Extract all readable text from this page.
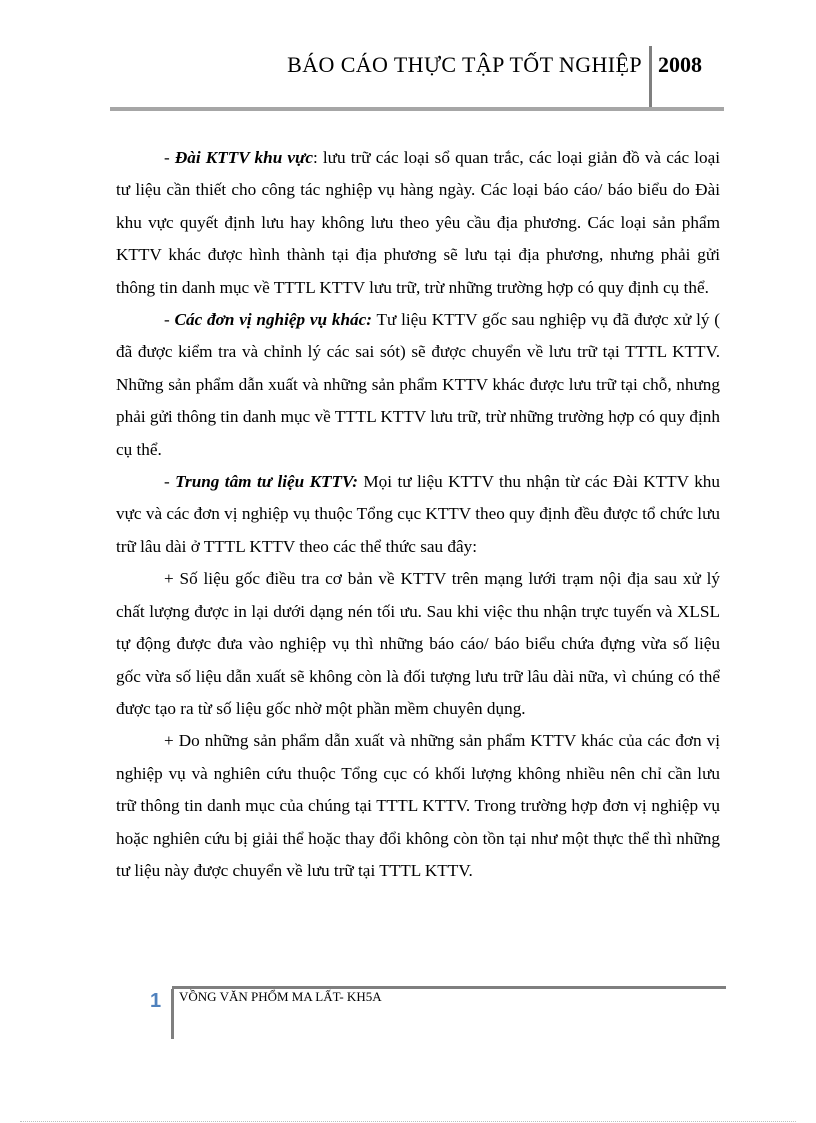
BÁO CÁO THỰC TẬP TỐT NGHIỆP 2008

- Đài KTTV khu vực: lưu trữ các loại sổ quan trắc, các loại giản đồ và các loại tư liệu cần thiết cho công tác nghiệp vụ hàng ngày. Các loại báo cáo/ báo biểu do Đài khu vực quyết định lưu hay không lưu theo yêu cầu địa phương. Các loại sản phẩm KTTV khác được hình thành tại địa phương sẽ lưu tại địa phương, nhưng phải gửi thông tin danh mục về TTTL KTTV lưu trữ, trừ những trường hợp có quy định cụ thể.

- Các đơn vị nghiệp vụ khác: Tư liệu KTTV gốc sau nghiệp vụ đã được xử lý ( đã được kiểm tra và chỉnh lý các sai sót) sẽ được chuyển về lưu trữ tại TTTL KTTV. Những sản phẩm dẫn xuất và những sản phẩm KTTV khác được lưu trữ tại chỗ, nhưng phải gửi thông tin danh mục về TTTL KTTV lưu trữ, trừ những trường hợp có quy định cụ thể.

- Trung tâm tư liệu KTTV: Mọi tư liệu KTTV thu nhận từ các Đài KTTV khu vực và các đơn vị nghiệp vụ thuộc Tổng cục KTTV theo quy định đều được tổ chức lưu trữ lâu dài ở TTTL KTTV theo các thể thức sau đây:

+ Số liệu gốc điều tra cơ bản về KTTV trên mạng lưới trạm nội địa sau xử lý chất lượng được in lại dưới dạng nén tối ưu. Sau khi việc thu nhận trực tuyến và XLSL tự động được đưa vào nghiệp vụ thì những báo cáo/ báo biểu chứa đựng vừa số liệu gốc vừa số liệu dẫn xuất sẽ không còn là đối tượng lưu trữ lâu dài nữa, vì chúng có thể được tạo ra từ số liệu gốc nhờ một phần mềm chuyên dụng.

+ Do những sản phẩm dẫn xuất và những sản phẩm KTTV khác của các đơn vị nghiệp vụ và nghiên cứu thuộc Tổng cục có khối lượng không nhiều nên chỉ cần lưu trữ thông tin danh mục của chúng tại TTTL KTTV. Trong trường hợp đơn vị nghiệp vụ hoặc nghiên cứu bị giải thể hoặc thay đổi không còn tồn tại như một thực thể thì những tư liệu này được chuyển về lưu trữ tại TTTL KTTV.

1 VỒNG VĂN PHỔM MA LẤT- KH5A
